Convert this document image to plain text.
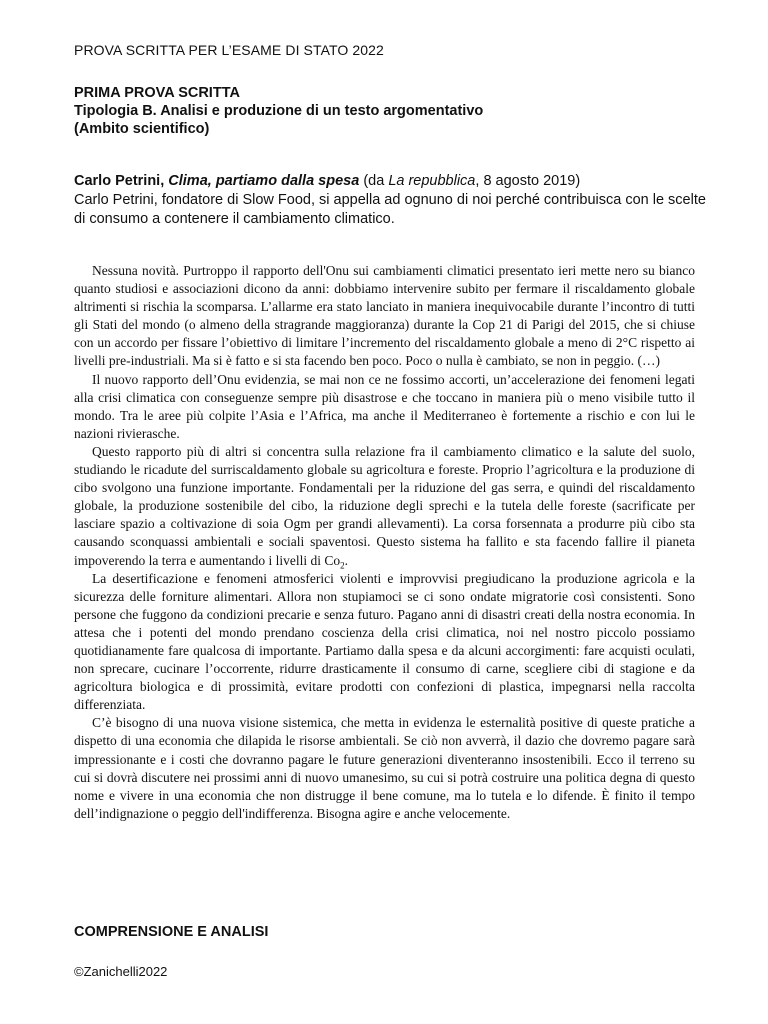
PROVA SCRITTA PER L’ESAME DI STATO 2022
PRIMA PROVA SCRITTA
Tipologia B. Analisi e produzione di un testo argomentativo
(Ambito scientifico)
Carlo Petrini, Clima, partiamo dalla spesa (da La repubblica, 8 agosto 2019)
Carlo Petrini, fondatore di Slow Food, si appella ad ognuno di noi perché contribuisca con le scelte di consumo a contenere il cambiamento climatico.

Nessuna novità. Purtroppo il rapporto dell'Onu sui cambiamenti climatici presentato ieri mette nero su bianco quanto studiosi e associazioni dicono da anni: dobbiamo intervenire subito per fermare il riscaldamento globale altrimenti si rischia la scomparsa. L’allarme era stato lanciato in maniera inequivocabile durante l’incontro di tutti gli Stati del mondo (o almeno della stragrande maggioranza) durante la Cop 21 di Parigi del 2015, che si chiuse con un accordo per fissare l’obiettivo di limitare l’incremento del riscaldamento globale a meno di 2°C rispetto ai livelli pre-industriali. Ma si è fatto e si sta facendo ben poco. Poco o nulla è cambiato, se non in peggio. (…)

Il nuovo rapporto dell’Onu evidenzia, se mai non ce ne fossimo accorti, un’accelerazione dei fenomeni legati alla crisi climatica con conseguenze sempre più disastrose e che toccano in maniera più o meno visibile tutto il mondo. Tra le aree più colpite l’Asia e l’Africa, ma anche il Mediterraneo è fortemente a rischio e con lui le nazioni rivierasche.

Questo rapporto più di altri si concentra sulla relazione fra il cambiamento climatico e la salute del suolo, studiando le ricadute del surriscaldamento globale su agricoltura e foreste. Proprio l’agricoltura e la produzione di cibo svolgono una funzione importante. Fondamentali per la riduzione del gas serra, e quindi del riscaldamento globale, la produzione sostenibile del cibo, la riduzione degli sprechi e la tutela delle foreste (sacrificate per lasciare spazio a coltivazione di soia Ogm per grandi allevamenti). La corsa forsennata a produrre più cibo sta causando sconquassi ambientali e sociali spaventosi. Questo sistema ha fallito e sta facendo fallire il pianeta impoverendo la terra e aumentando i livelli di $Co_2$.

La desertificazione e fenomeni atmosferici violenti e improvvisi pregiudicano la produzione agricola e la sicurezza delle forniture alimentari. Allora non stupiamoci se ci sono ondate migratorie così consistenti. Sono persone che fuggono da condizioni precarie e senza futuro. Pagano anni di disastri creati della nostra economia. In attesa che i potenti del mondo prendano coscienza della crisi climatica, noi nel nostro piccolo possiamo quotidianamente fare qualcosa di importante. Partiamo dalla spesa e da alcuni accorgimenti: fare acquisti oculati, non sprecare, cucinare l’occorrente, ridurre drasticamente il consumo di carne, scegliere cibi di stagione e da agricoltura biologica e di prossimità, evitare prodotti con confezioni di plastica, impegnarsi nella raccolta differenziata.

C’è bisogno di una nuova visione sistemica, che metta in evidenza le esternalità positive di queste pratiche a dispetto di una economia che dilapida le risorse ambientali. Se ciò non avverrà, il dazio che dovremo pagare sarà impressionante e i costi che dovranno pagare le future generazioni diventeranno insostenibili. Ecco il terreno su cui si dovrà discutere nei prossimi anni di nuovo umanesimo, su cui si potrà costruire una politica degna di questo nome e vivere in una economia che non distrugge il bene comune, ma lo tutela e lo difende. È finito il tempo dell’indignazione o peggio dell'indifferenza. Bisogna agire e anche velocemente.

COMPRENSIONE E ANALISI
©Zanichelli2022
